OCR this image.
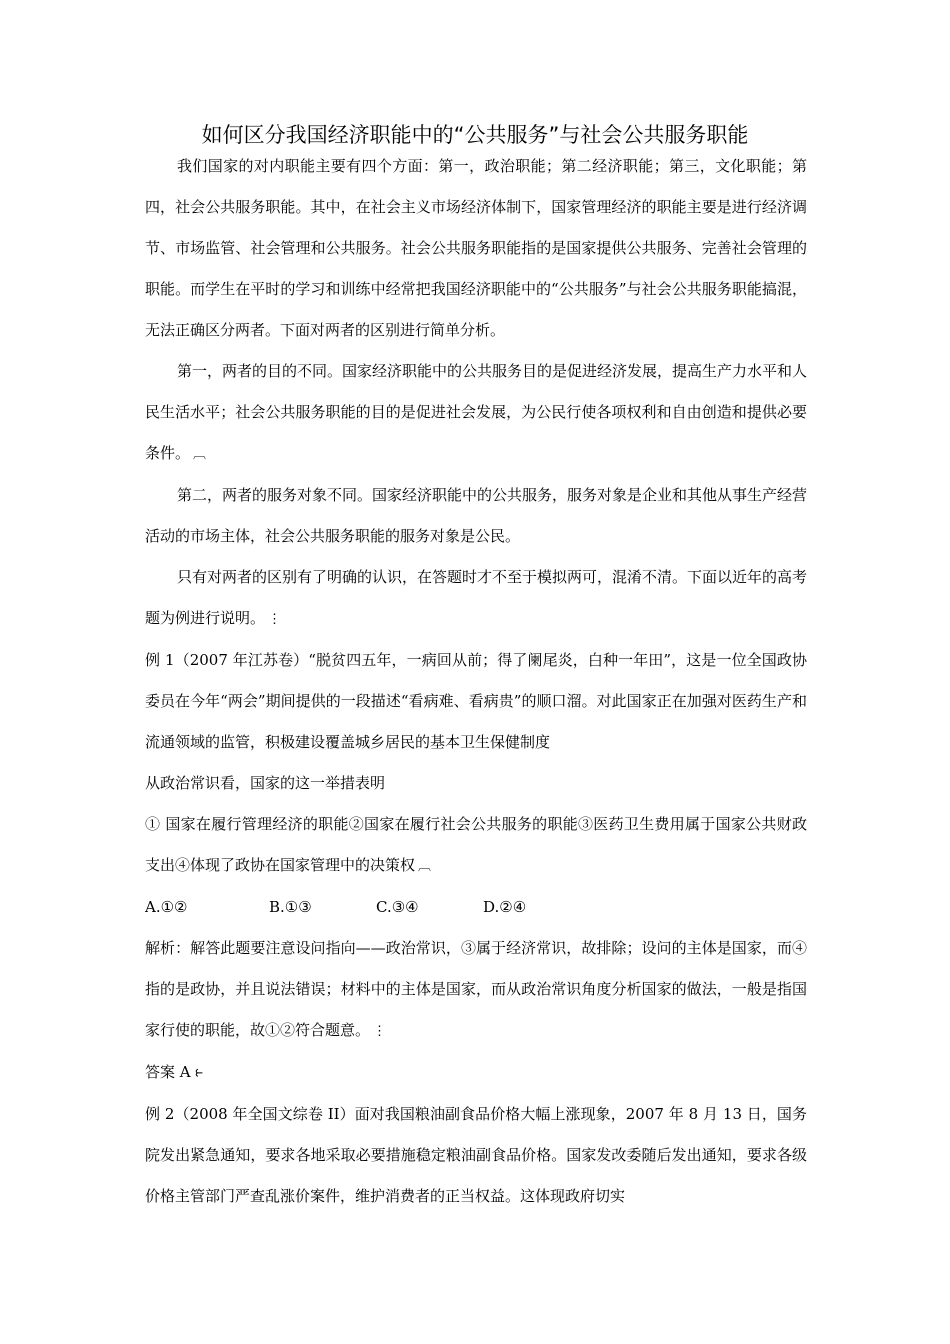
如何区分我国经济职能中的“公共服务”与社会公共服务职能

我们国家的对内职能主要有四个方面：第一，政治职能；第二经济职能；第三，文化职能；第四，社会公共服务职能。其中，在社会主义市场经济体制下，国家管理经济的职能主要是进行经济调节、市场监管、社会管理和公共服务。社会公共服务职能指的是国家提供公共服务、完善社会管理的职能。而学生在平时的学习和训练中经常把我国经济职能中的“公共服务”与社会公共服务职能搞混，无法正确区分两者。下面对两者的区别进行简单分析。

第一，两者的目的不同。国家经济职能中的公共服务目的是促进经济发展，提高生产力水平和人民生活水平；社会公共服务职能的目的是促进社会发展，为公民行使各项权利和自由创造和提供必要条件。 ︹

第二，两者的服务对象不同。国家经济职能中的公共服务，服务对象是企业和其他从事生产经营活动的市场主体，社会公共服务职能的服务对象是公民。

只有对两者的区别有了明确的认识，在答题时才不至于模拟两可，混淆不清。下面以近年的高考题为例进行说明。 ⋮

例 1（2007 年江苏卷）“脱贫四五年，一病回从前；得了阑尾炎，白种一年田”，这是一位全国政协委员在今年“两会”期间提供的一段描述“看病难、看病贵”的顺口溜。对此国家正在加强对医药生产和流通领域的监管，积极建设覆盖城乡居民的基本卫生保健制度

从政治常识看，国家的这一举措表明

① 国家在履行管理经济的职能②国家在履行社会公共服务的职能③医药卫生费用属于国家公共财政支出④体现了政协在国家管理中的决策权 ︹

A.①②	B.①③	C.③④	D.②④

解析：解答此题要注意设问指向——政治常识，③属于经济常识，故排除；设问的主体是国家，而④指的是政协，并且说法错误；材料中的主体是国家，而从政治常识角度分析国家的做法，一般是指国家行使的职能，故①②符合题意。 ⋮

答案 A ⥼

例 2（2008 年全国文综卷 II）面对我国粮油副食品价格大幅上涨现象，2007 年 8 月 13 日，国务院发出紧急通知，要求各地采取必要措施稳定粮油副食品价格。国家发改委随后发出通知，要求各级价格主管部门严查乱涨价案件，维护消费者的正当权益。这体现政府切实
